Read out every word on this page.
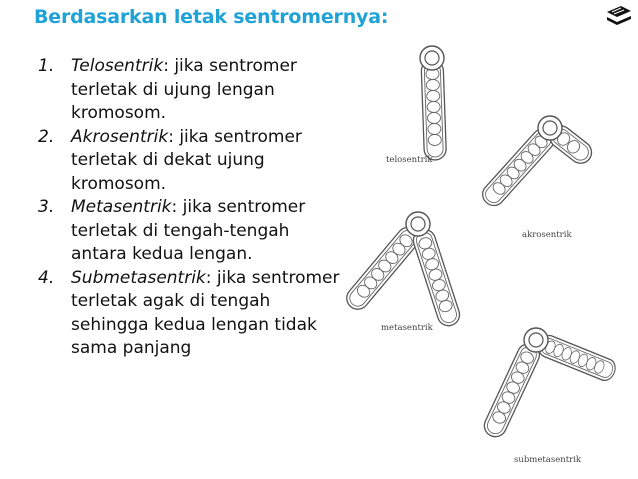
Berdasarkan letak sentromernya:
1. Telosentrik: jika sentromer terletak di ujung lengan kromosom.
2. Akrosentrik: jika sentromer terletak di dekat ujung kromosom.
3. Metasentrik: jika sentromer terletak di tengah-tengah antara kedua lengan.
4. Submetasentrik: jika sentromer terletak agak di tengah sehingga kedua lengan tidak sama panjang
telosentrik
akrosentrik
metasentrik
submetasentrik
